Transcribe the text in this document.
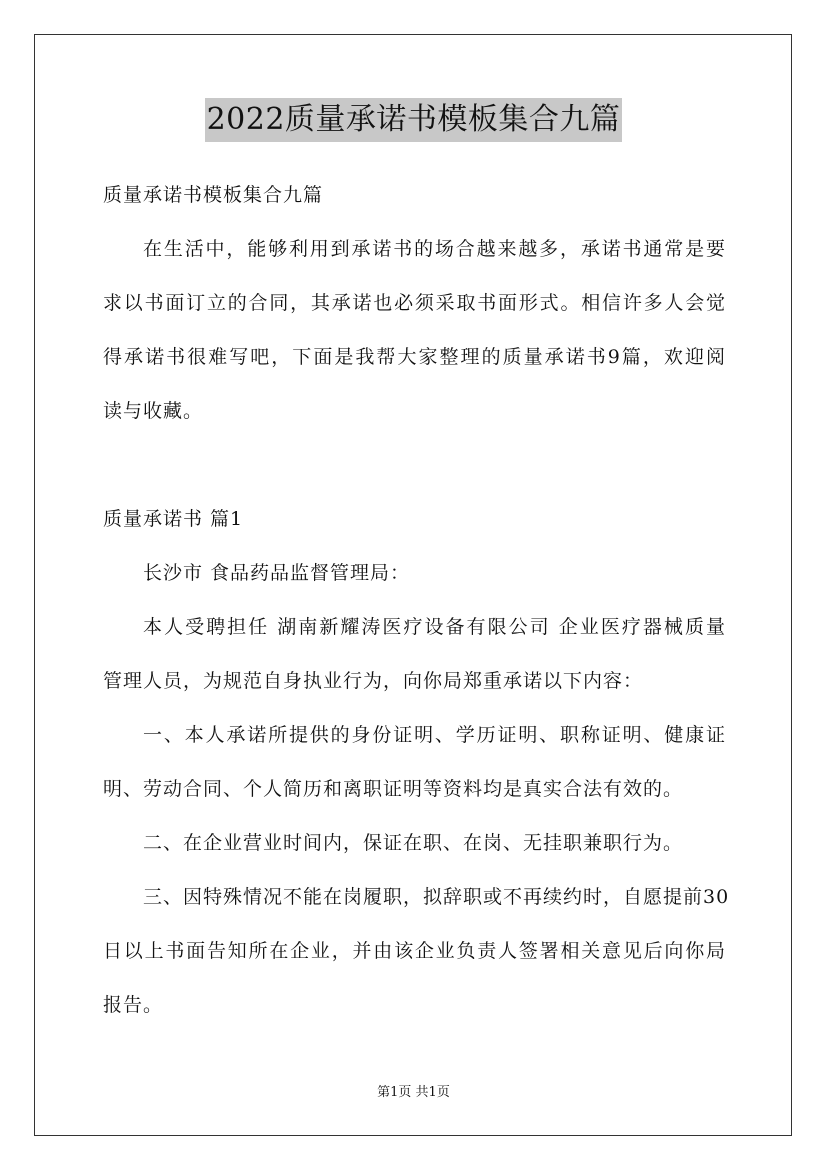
2022质量承诺书模板集合九篇
质量承诺书模板集合九篇
在生活中，能够利用到承诺书的场合越来越多，承诺书通常是要
求以书面订立的合同，其承诺也必须采取书面形式。相信许多人会觉
得承诺书很难写吧，下面是我帮大家整理的质量承诺书9篇，欢迎阅
读与收藏。
质量承诺书 篇1
长沙市 食品药品监督管理局：
本人受聘担任 湖南新耀涛医疗设备有限公司 企业医疗器械质量
管理人员，为规范自身执业行为，向你局郑重承诺以下内容：
一、本人承诺所提供的身份证明、学历证明、职称证明、健康证
明、劳动合同、个人简历和离职证明等资料均是真实合法有效的。
二、在企业营业时间内，保证在职、在岗、无挂职兼职行为。
三、因特殊情况不能在岗履职，拟辞职或不再续约时，自愿提前30
日以上书面告知所在企业，并由该企业负责人签署相关意见后向你局
报告。
第1页 共1页
